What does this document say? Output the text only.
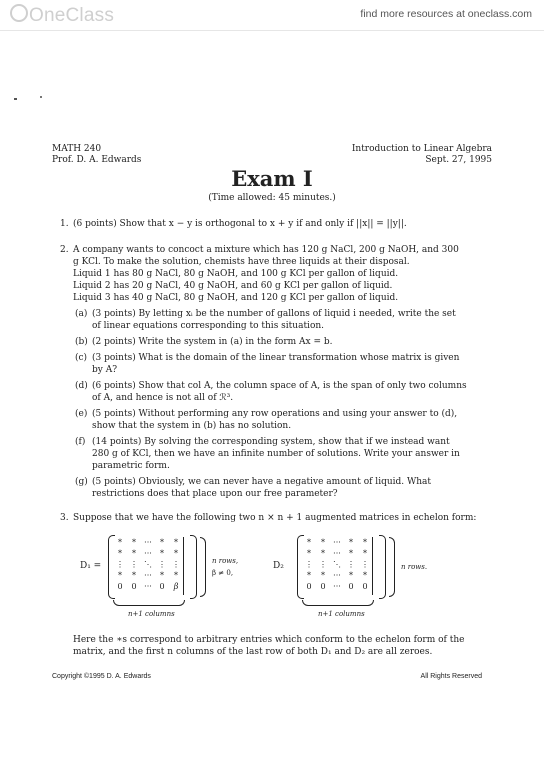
OneClass	find more resources at oneclass.com
MATH 240
Prof. D. A. Edwards
Introduction to Linear Algebra
Sept. 27, 1995
Exam I
(Time allowed: 45 minutes.)
1. (6 points) Show that x − y is orthogonal to x + y if and only if ||x|| = ||y||.
2. A company wants to concoct a mixture which has 120 g NaCl, 200 g NaOH, and 300
g KCl. To make the solution, chemists have three liquids at their disposal.
Liquid 1 has 80 g NaCl, 80 g NaOH, and 100 g KCl per gallon of liquid.
Liquid 2 has 20 g NaCl, 40 g NaOH, and 60 g KCl per gallon of liquid.
Liquid 3 has 40 g NaCl, 80 g NaOH, and 120 g KCl per gallon of liquid.
(a) (3 points) By letting xᵢ be the number of gallons of liquid i needed, write the set
of linear equations corresponding to this situation.
(b) (2 points) Write the system in (a) in the form Ax = b.
(c) (3 points) What is the domain of the linear transformation whose matrix is given
by A?
(d) (6 points) Show that col A, the column space of A, is the span of only two columns
of A, and hence is not all of ℛ³.
(e) (5 points) Without performing any row operations and using your answer to (d),
show that the system in (b) has no solution.
(f) (14 points) By solving the corresponding system, show that if we instead want
280 g of KCl, then we have an infinite number of solutions. Write your answer in
parametric form.
(g) (5 points) Obviously, we can never have a negative amount of liquid. What
restrictions does that place upon our free parameter?
3. Suppose that we have the following two n × n + 1 augmented matrices in echelon form:
D₁ =
*	*	···	*	*
*	*	···	*	*
⋮ ⋮ ⋱ ⋮ ⋮
*	*	···	*	*
0	0 ··· 0	β
n rows,
β ≠ 0,
n+1 columns
D₂
*	*	···	*	*
*	*	···	*	*
⋮ ⋮ ⋱ ⋮ ⋮
*	*	···	*	*
0	0 ··· 0	0
n rows.
n+1 columns
Here the ∗s correspond to arbitrary entries which conform to the echelon form of the
matrix, and the first n columns of the last row of both D₁ and D₂ are all zeroes.
Copyright ©1995 D. A. Edwards	All Rights Reserved
